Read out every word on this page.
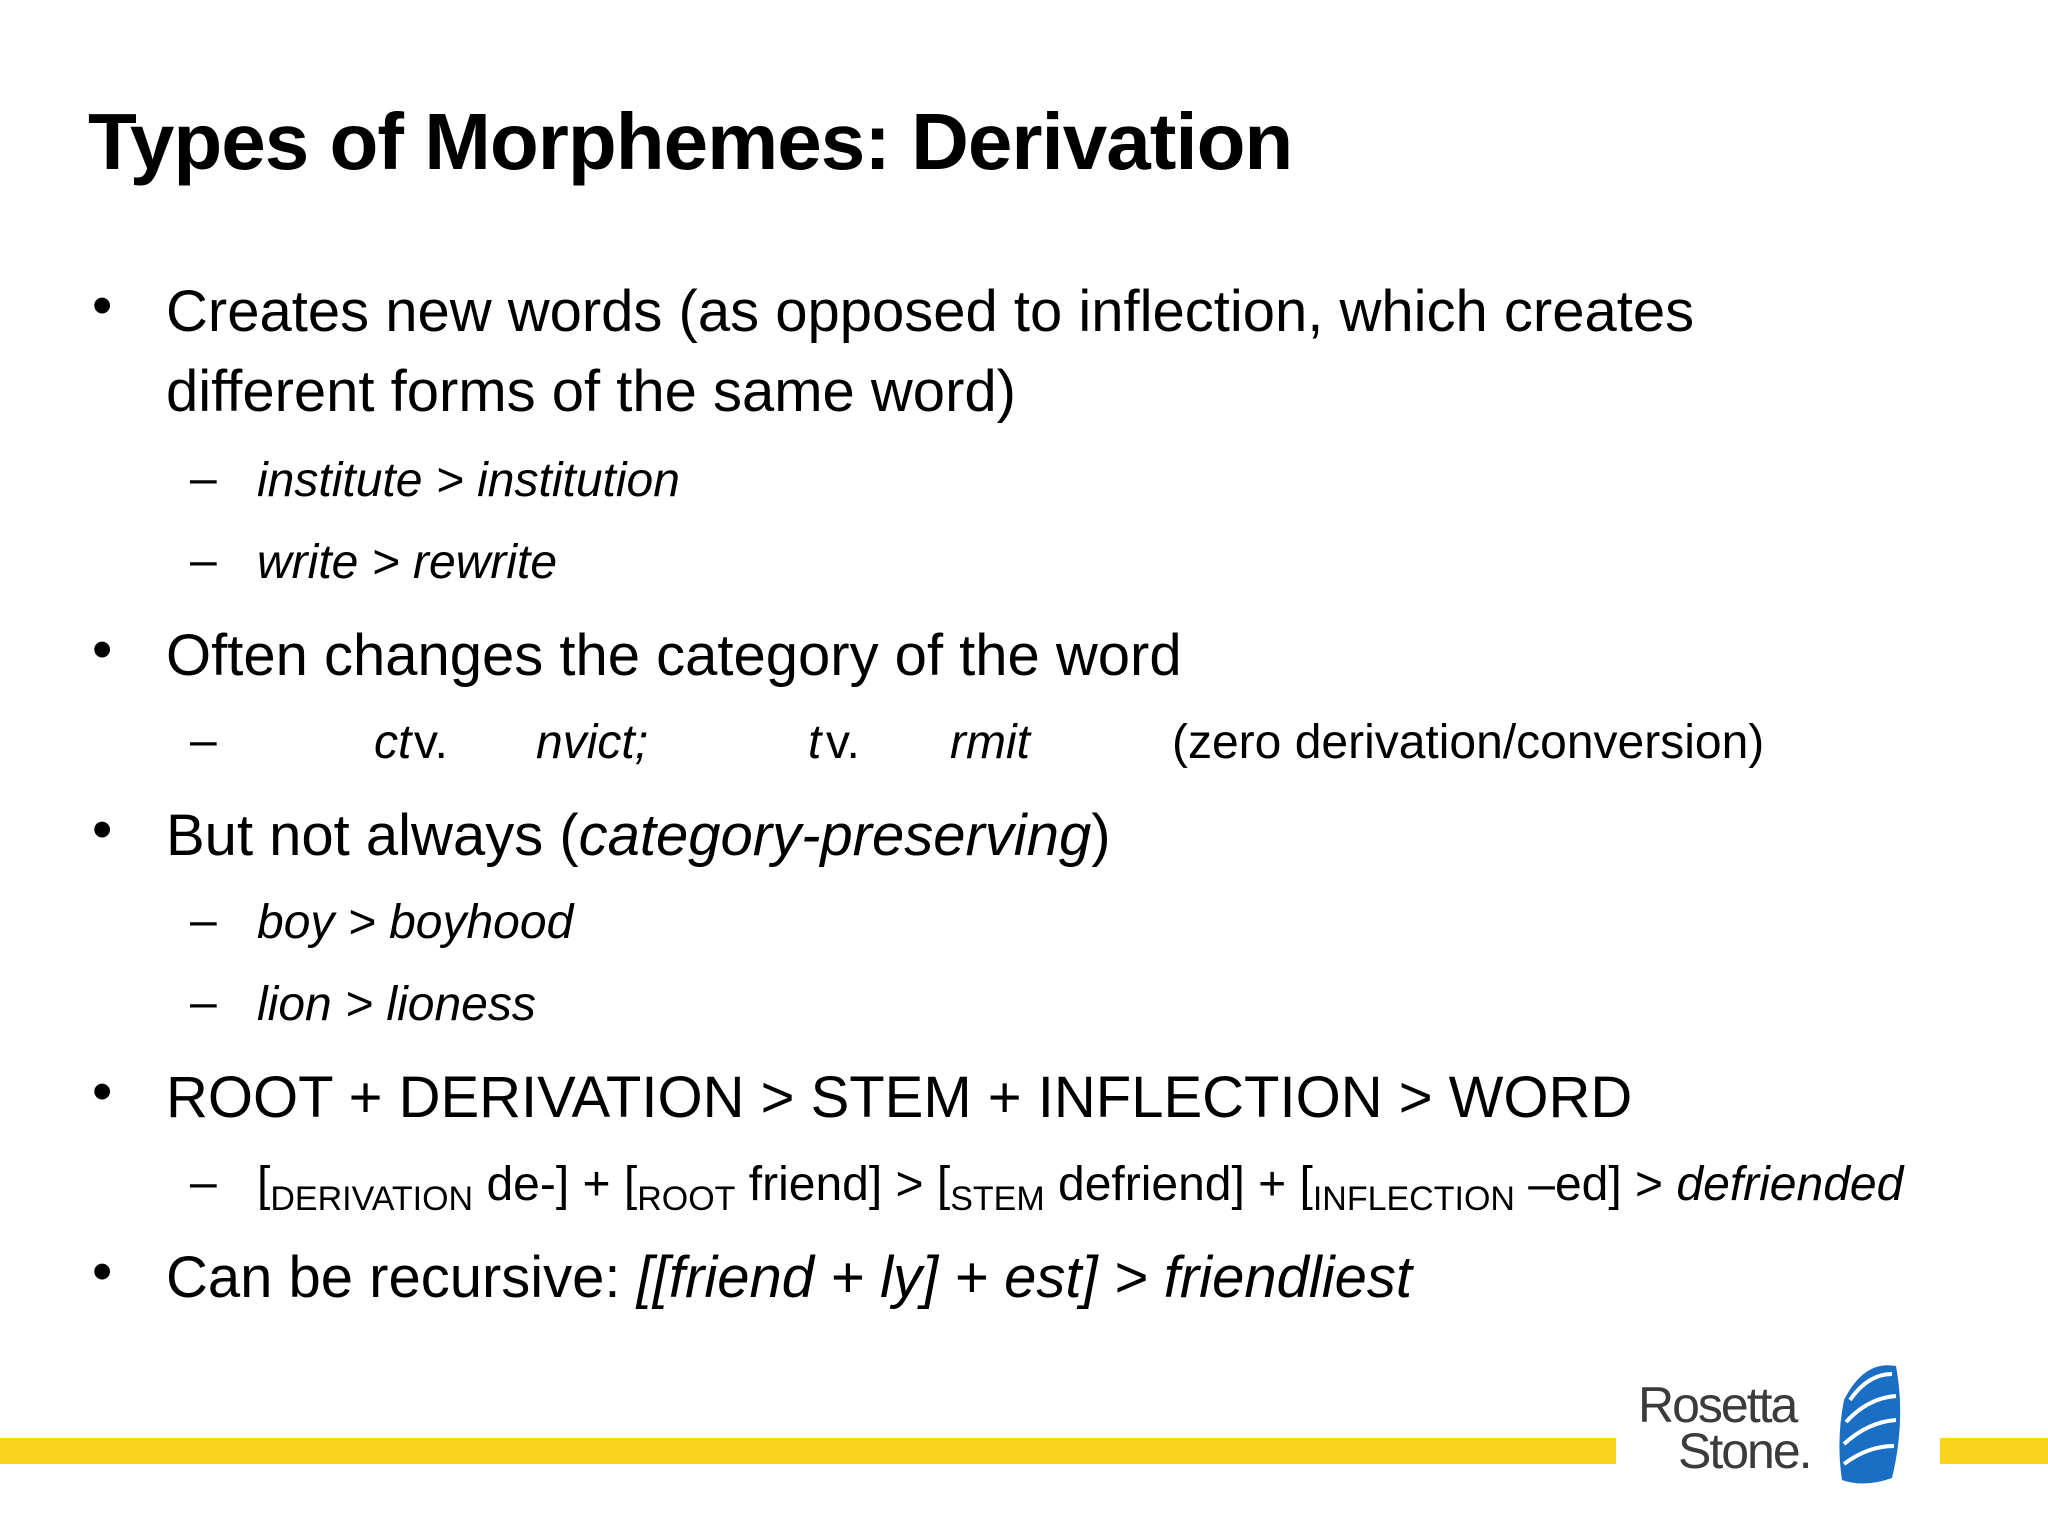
Types of Morphemes: Derivation
• Creates new words (as opposed to inflection, which creates
different forms of the same word)
– institute > institution
– write > rewrite
• Often changes the category of the word
–	ct v. nvict;	t v. rmit	(zero derivation/conversion)
• But not always (category-preserving)
– boy > boyhood
– lion > lioness
• ROOT + DERIVATION > STEM + INFLECTION > WORD
– [$_{DERIVATION}$ $de-] + [_{ROOT}$ friend] > [$_{STEM}$ defriend] + [$_{INFLECTION}$ –ed] > defriended
• Can be recursive: [[friend + ly] + est] > friendliest
Rosetta
Stone.
